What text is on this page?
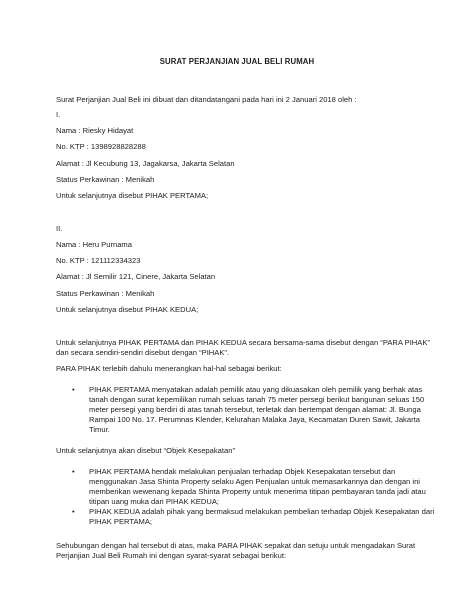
SURAT PERJANJIAN JUAL BELI RUMAH
Surat Perjanjian Jual Beli ini dibuat dan ditandatangani pada hari ini 2 Januari 2018 oleh :
I.
Nama : Riesky Hidayat
No. KTP : 1398928828288
Alamat : Jl Kecubung 13, Jagakarsa, Jakarta Selatan
Status Perkawinan : Menikah
Untuk selanjutnya disebut PIHAK PERTAMA;
II.
Nama : Heru Purnama
No. KTP : 121112334323
Alamat : Jl Semilir 121, Cinere, Jakarta Selatan
Status Perkawinan : Menikah
Untuk selanjutnya disebut PIHAK KEDUA;
Untuk selanjutnya PIHAK PERTAMA dan PIHAK KEDUA secara bersama-sama disebut dengan “PARA PIHAK”
dan secara sendiri-sendiri disebut dengan “PIHAK”.
PARA PIHAK terlebih dahulu menerangkan hal-hal sebagai berikut:
• PIHAK PERTAMA menyatakan adalah pemilik atau yang dikuasakan oleh pemilik yang berhak atas
tanah dengan surat kepemilikan rumah seluas tanah 75 meter persegi berikut bangunan seluas 150
meter persegi yang berdiri di atas tanah tersebut, terletak dan bertempat dengan alamat: Jl. Bunga
Rampai 100 No. 17. Perumnas Klender, Kelurahan Malaka Jaya, Kecamatan Duren Sawit, Jakarta
Timur.
Untuk selanjutnya akan disebut “Objek Kesepakatan”
• PIHAK PERTAMA hendak melakukan penjualan terhadap Objek Kesepakatan tersebut dan
menggunakan Jasa Shinta Property selaku Agen Penjualan untuk memasarkannya dan dengan ini
memberikan wewenang kepada Shinta Property untuk menerima titipan pembayaran tanda jadi atau
titipan uang muka dari PIHAK KEDUA;
• PIHAK KEDUA adalah pihak yang bermaksud melakukan pembelian terhadap Objek Kesepakatan dari
PIHAK PERTAMA;
Sehubungan dengan hal tersebut di atas, maka PARA PIHAK sepakat dan setuju untuk mengadakan Surat
Perjanjian Jual Beli Rumah ini dengan syarat-syarat sebagai berikut:
